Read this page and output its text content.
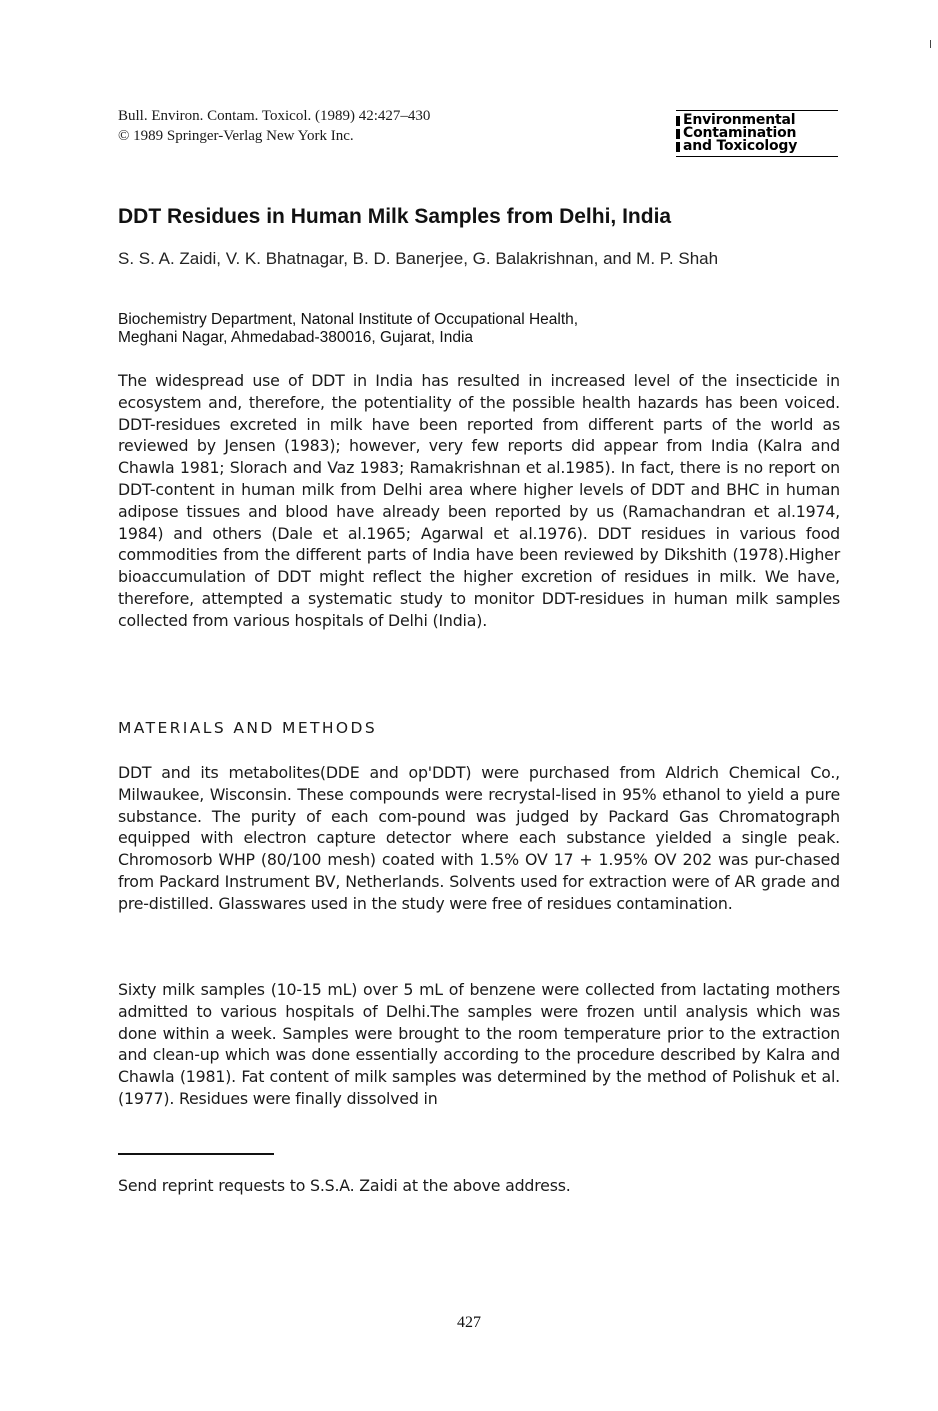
Bull. Environ. Contam. Toxicol. (1989) 42:427–430
© 1989 Springer-Verlag New York Inc.
Environmental
Contamination
and Toxicology
DDT Residues in Human Milk Samples from Delhi, India
S. S. A. Zaidi, V. K. Bhatnagar, B. D. Banerjee, G. Balakrishnan, and M. P. Shah
Biochemistry Department, Natonal Institute of Occupational Health,
Meghani Nagar, Ahmedabad-380016, Gujarat, India
The widespread use of DDT in India has resulted in increased level of the insecticide in ecosystem and, therefore, the potentiality of the possible health hazards has been voiced. DDT-residues excreted in milk have been reported from different parts of the world as reviewed by Jensen (1983); however, very few reports did appear from India (Kalra and Chawla 1981; Slorach and Vaz 1983; Ramakrishnan et al.1985). In fact, there is no report on DDT-content in human milk from Delhi area where higher levels of DDT and BHC in human adipose tissues and blood have already been reported by us (Ramachandran et al.1974, 1984) and others (Dale et al.1965; Agarwal et al.1976). DDT residues in various food commodities from the different parts of India have been reviewed by Dikshith (1978).Higher bioaccumulation of DDT might reflect the higher excretion of residues in milk. We have, therefore, attempted a systematic study to monitor DDT-residues in human milk samples collected from various hospitals of Delhi (India).
MATERIALS AND METHODS
DDT and its metabolites(DDE and op'DDT) were purchased from Aldrich Chemical Co., Milwaukee, Wisconsin. These compounds were recrystal-lised in 95% ethanol to yield a pure substance. The purity of each com-pound was judged by Packard Gas Chromatograph equipped with electron capture detector where each substance yielded a single peak. Chromosorb WHP (80/100 mesh) coated with 1.5% OV 17 + 1.95% OV 202 was pur-chased from Packard Instrument BV, Netherlands. Solvents used for extraction were of AR grade and pre-distilled. Glasswares used in the study were free of residues contamination.
Sixty milk samples (10-15 mL) over 5 mL of benzene were collected from lactating mothers admitted to various hospitals of Delhi.The samples were frozen until analysis which was done within a week. Samples were brought to the room temperature prior to the extraction and clean-up which was done essentially according to the procedure described by Kalra and Chawla (1981). Fat content of milk samples was determined by the method of Polishuk et al. (1977). Residues were finally dissolved in
Send reprint requests to S.S.A. Zaidi at the above address.
427
